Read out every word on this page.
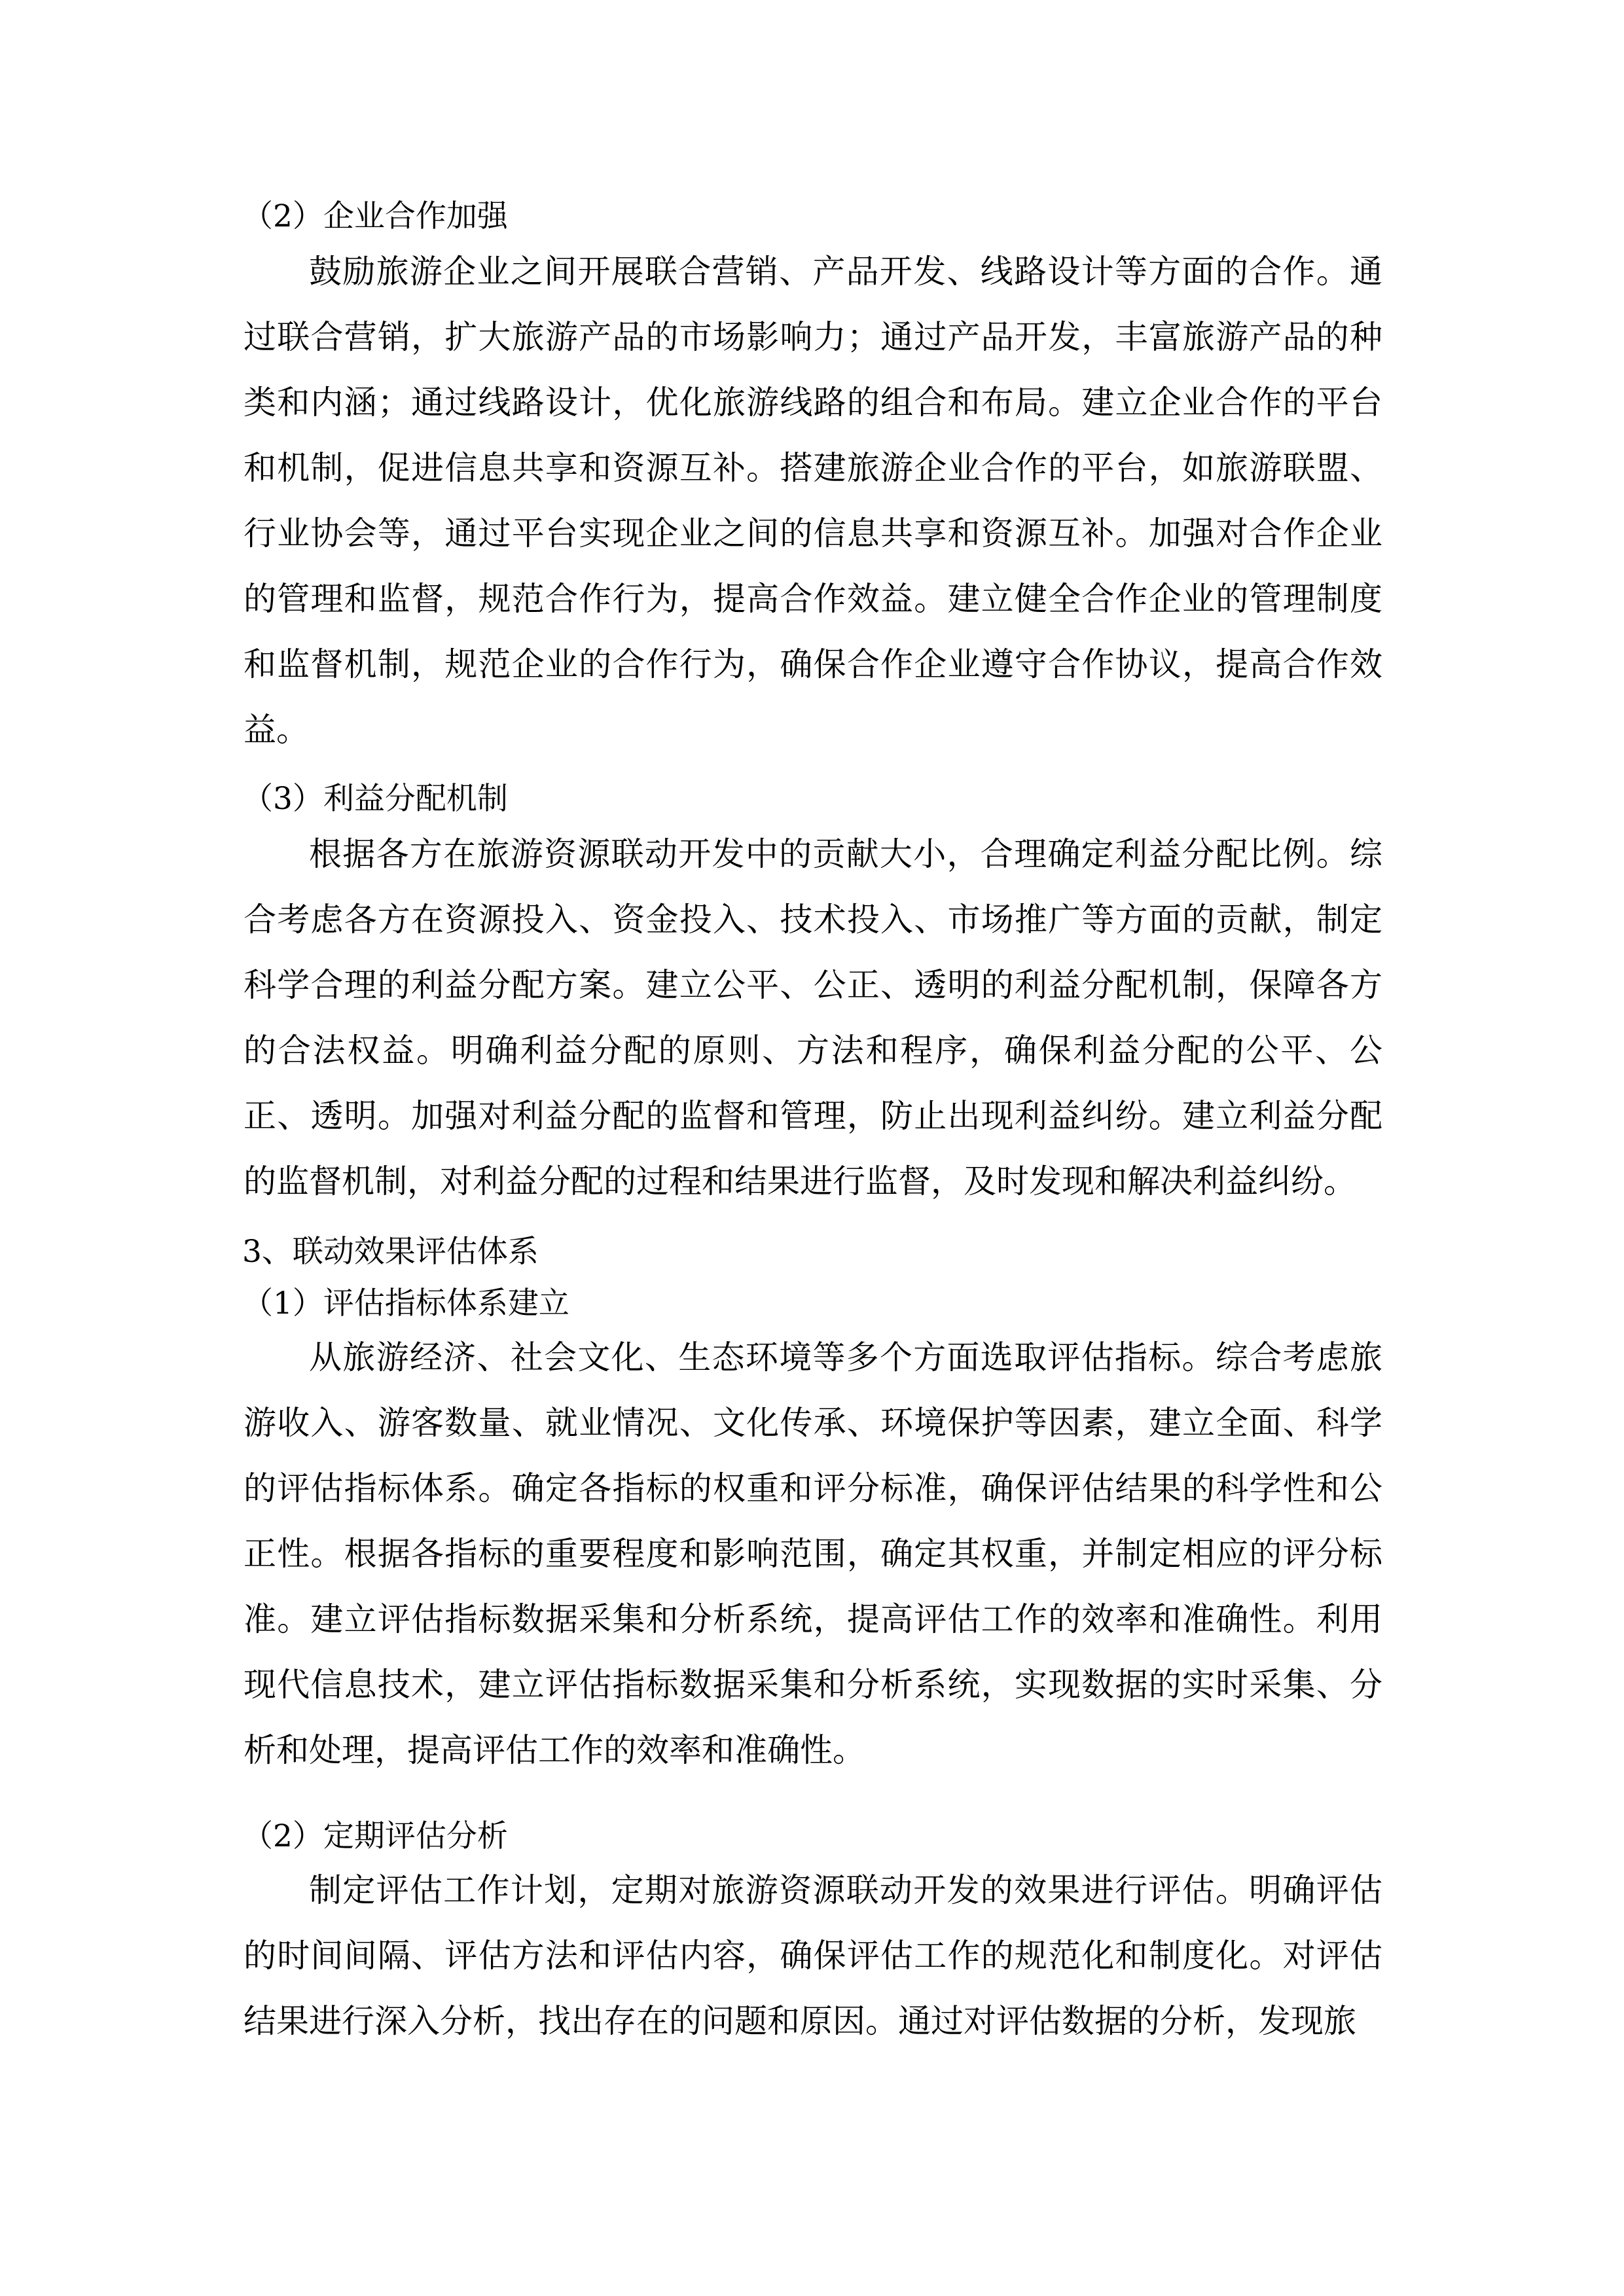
（2）企业合作加强
鼓励旅游企业之间开展联合营销、产品开发、线路设计等方面的合作。通过联合营销，扩大旅游产品的市场影响力；通过产品开发，丰富旅游产品的种类和内涵；通过线路设计，优化旅游线路的组合和布局。建立企业合作的平台和机制，促进信息共享和资源互补。搭建旅游企业合作的平台，如旅游联盟、行业协会等，通过平台实现企业之间的信息共享和资源互补。加强对合作企业的管理和监督，规范合作行为，提高合作效益。建立健全合作企业的管理制度和监督机制，规范企业的合作行为，确保合作企业遵守合作协议，提高合作效益。
（3）利益分配机制
根据各方在旅游资源联动开发中的贡献大小，合理确定利益分配比例。综合考虑各方在资源投入、资金投入、技术投入、市场推广等方面的贡献，制定科学合理的利益分配方案。建立公平、公正、透明的利益分配机制，保障各方的合法权益。明确利益分配的原则、方法和程序，确保利益分配的公平、公正、透明。加强对利益分配的监督和管理，防止出现利益纠纷。建立利益分配的监督机制，对利益分配的过程和结果进行监督，及时发现和解决利益纠纷。
3、联动效果评估体系
（1）评估指标体系建立
从旅游经济、社会文化、生态环境等多个方面选取评估指标。综合考虑旅游收入、游客数量、就业情况、文化传承、环境保护等因素，建立全面、科学的评估指标体系。确定各指标的权重和评分标准，确保评估结果的科学性和公正性。根据各指标的重要程度和影响范围，确定其权重，并制定相应的评分标准。建立评估指标数据采集和分析系统，提高评估工作的效率和准确性。利用现代信息技术，建立评估指标数据采集和分析系统，实现数据的实时采集、分析和处理，提高评估工作的效率和准确性。
（2）定期评估分析
制定评估工作计划，定期对旅游资源联动开发的效果进行评估。明确评估的时间间隔、评估方法和评估内容，确保评估工作的规范化和制度化。对评估结果进行深入分析，找出存在的问题和原因。通过对评估数据的分析，发现旅
